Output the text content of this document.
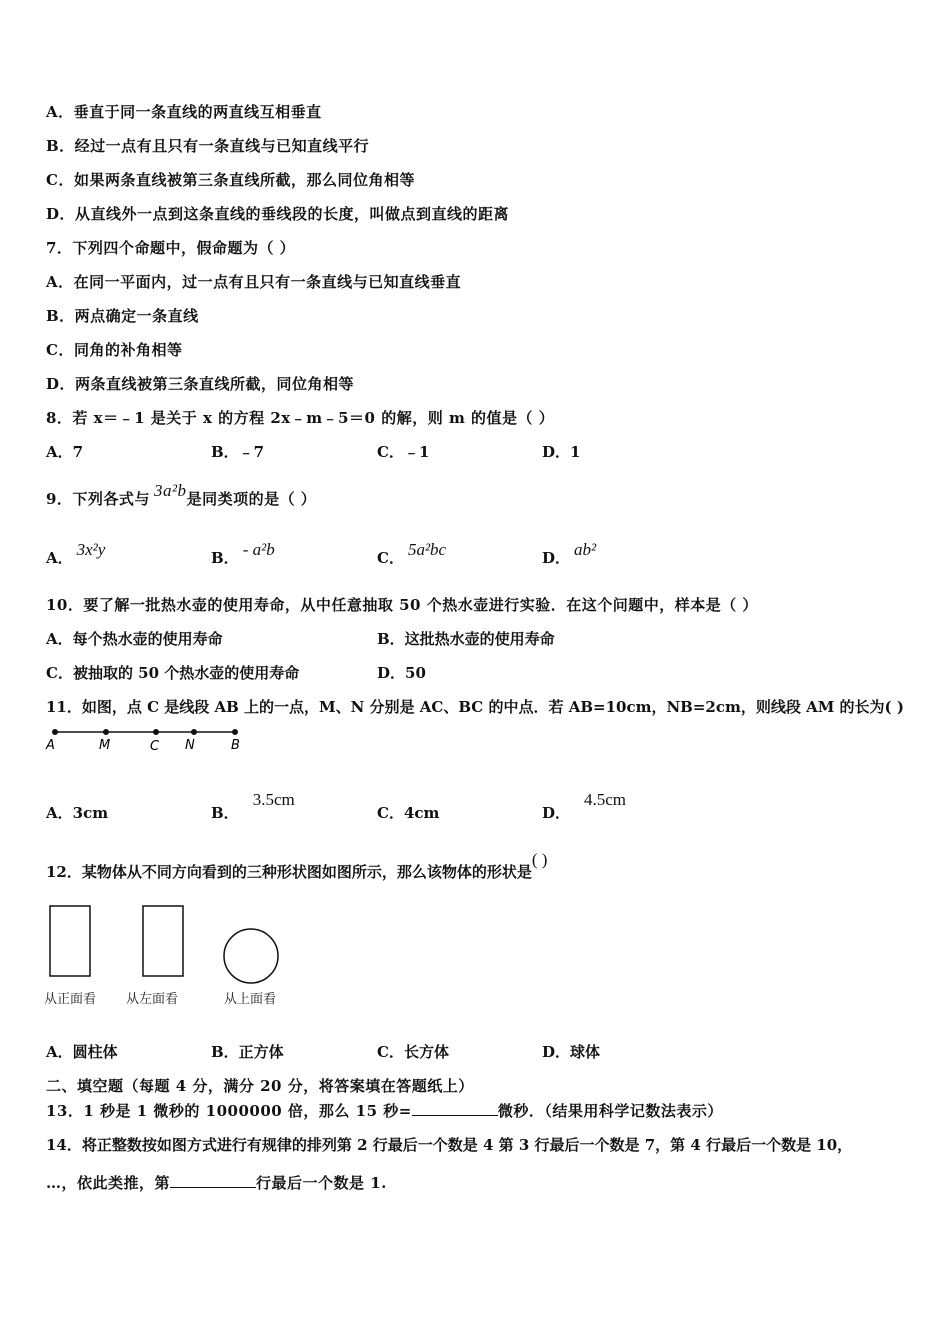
A．垂直于同一条直线的两直线互相垂直
B．经过一点有且只有一条直线与已知直线平行
C．如果两条直线被第三条直线所截，那么同位角相等
D．从直线外一点到这条直线的垂线段的长度，叫做点到直线的距离
7．下列四个命题中，假命题为（ ）
A．在同一平面内，过一点有且只有一条直线与已知直线垂直
B．两点确定一条直线
C．同角的补角相等
D．两条直线被第三条直线所截，同位角相等
8．若 x＝﹣1 是关于 x 的方程 2x﹣m﹣5＝0 的解，则 m 的值是（ ）
A．7	B．﹣7	C．﹣1	D．1
9．下列各式与 3a²b是同类项的是（ ）
A． 3x²y	B． - a²b	C． 5a²bc	D． ab²
10．要了解一批热水壶的使用寿命，从中任意抽取 50 个热水壶进行实验．在这个问题中，样本是（ ）
A．每个热水壶的使用寿命	B．这批热水壶的使用寿命
C．被抽取的 50 个热水壶的使用寿命	D．50
11．如图，点 C 是线段 AB 上的一点，M、N 分别是 AC、BC 的中点．若 AB=10cm，NB=2cm，则线段 AM 的长为( )
A	M	C N	B
A．3cm	B．3.5cm
C．4cm	D．4.5cm
12．某物体从不同方向看到的三种形状图如图所示，那么该物体的形状是( )
从正面看 从左面看	从上面看
A．圆柱体	B．正方体	C．长方体	D．球体
二、填空题（每题 4 分，满分 20 分，将答案填在答题纸上）
13．1 秒是 1 微秒的 1000000 倍，那么 15 秒=	微秒．（结果用科学记数法表示）
14．将正整数按如图方式进行有规律的排列第 2 行最后一个数是 4 第 3 行最后一个数是 7，第 4 行最后一个数是 10，
…，依此类推，第	行最后一个数是 1.
